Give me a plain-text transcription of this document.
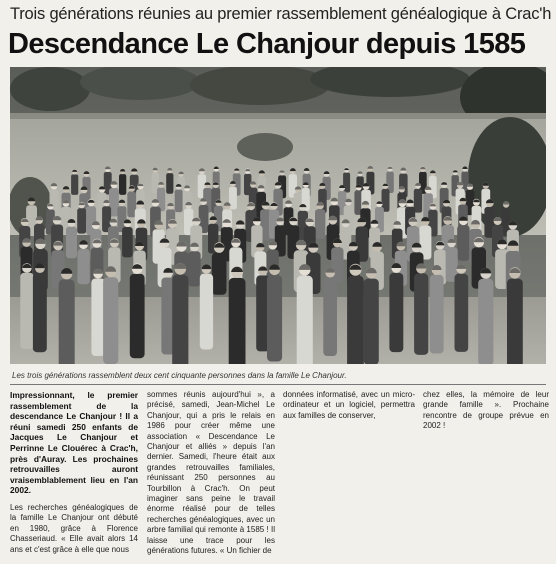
Trois générations réunies au premier rassemblement généalogique à Crac'h
Descendance Le Chanjour depuis 1585
Les trois générations rassemblent deux cent cinquante personnes dans la famille Le Chanjour.

Impressionnant, le premier rassemblement de la descendance Le Chanjour ! Il a réuni samedi 250 enfants de Jacques Le Chanjour et Perrinne Le Clouérec à Crac'h, près d'Auray. Les prochaines retrouvailles auront vraisemblablement lieu en l'an 2002.

Les recherches généalogiques de la famille Le Chanjour ont débuté en 1980, grâce à Florence Chasseriaud. « Elle avait alors 14 ans et c'est grâce à elle que nous

sommes réunis aujourd'hui », a précisé, samedi, Jean-Michel Le Chanjour, qui a pris le relais en 1986 pour créer même une association « Descendance Le Chanjour et alliés » depuis l'an dernier. Samedi, l'heure était aux grandes retrouvailles familiales, réunissant 250 personnes au Tourbillon à Crac'h. On peut imaginer sans peine le travail énorme réalisé pour de telles recherches généalogiques, avec un arbre familial qui remonte à 1585 ! Il laisse une trace pour les générations futures. « Un fichier de

données informatisé, avec un micro-ordinateur et un logiciel, permettra aux familles de conserver,

chez elles, la mémoire de leur grande famille ». Prochaine rencontre de groupe prévue en 2002 !
